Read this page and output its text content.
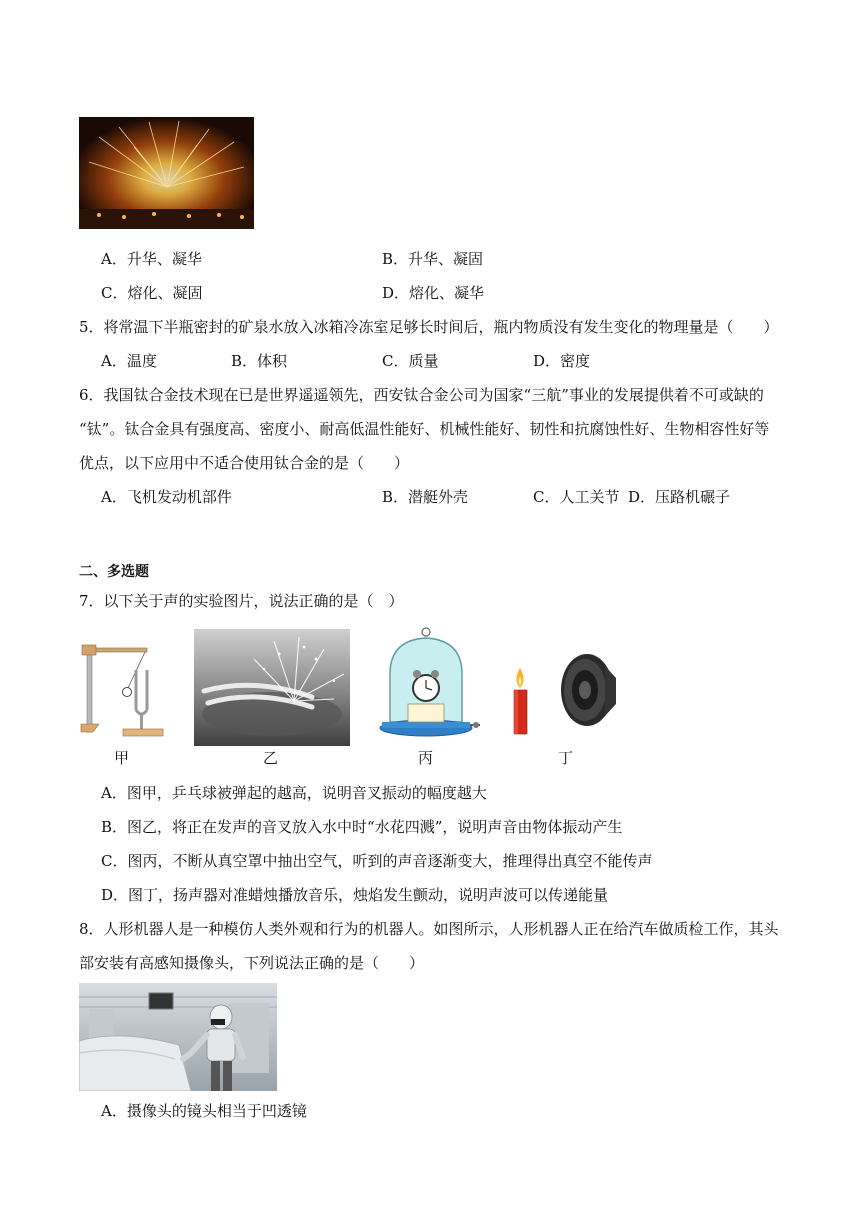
A．升华、凝华	B．升华、凝固
C．熔化、凝固	D．熔化、凝华
5．将常温下半瓶密封的矿泉水放入冰箱冷冻室足够长时间后，瓶内物质没有发生变化的物理量是（　　）
A．温度	B．体积	C．质量	D．密度
6．我国钛合金技术现在已是世界遥遥领先，西安钛合金公司为国家“三航”事业的发展提供着不可或缺的
“钛”。钛合金具有强度高、密度小、耐高低温性能好、机械性能好、韧性和抗腐蚀性好、生物相容性好等
优点，以下应用中不适合使用钛合金的是（　　）
A．飞机发动机部件	B．潜艇外壳	C．人工关节 D．压路机碾子
二、多选题
7．以下关于声的实验图片，说法正确的是（　）
甲	乙	丙	丁
A．图甲，乒乓球被弹起的越高，说明音叉振动的幅度越大
B．图乙，将正在发声的音叉放入水中时“水花四溅”，说明声音由物体振动产生
C．图丙，不断从真空罩中抽出空气，听到的声音逐渐变大，推理得出真空不能传声
D．图丁，扬声器对准蜡烛播放音乐，烛焰发生颤动，说明声波可以传递能量
8．人形机器人是一种模仿人类外观和行为的机器人。如图所示，人形机器人正在给汽车做质检工作，其头
部安装有高感知摄像头，下列说法正确的是（　　）
A．摄像头的镜头相当于凹透镜
